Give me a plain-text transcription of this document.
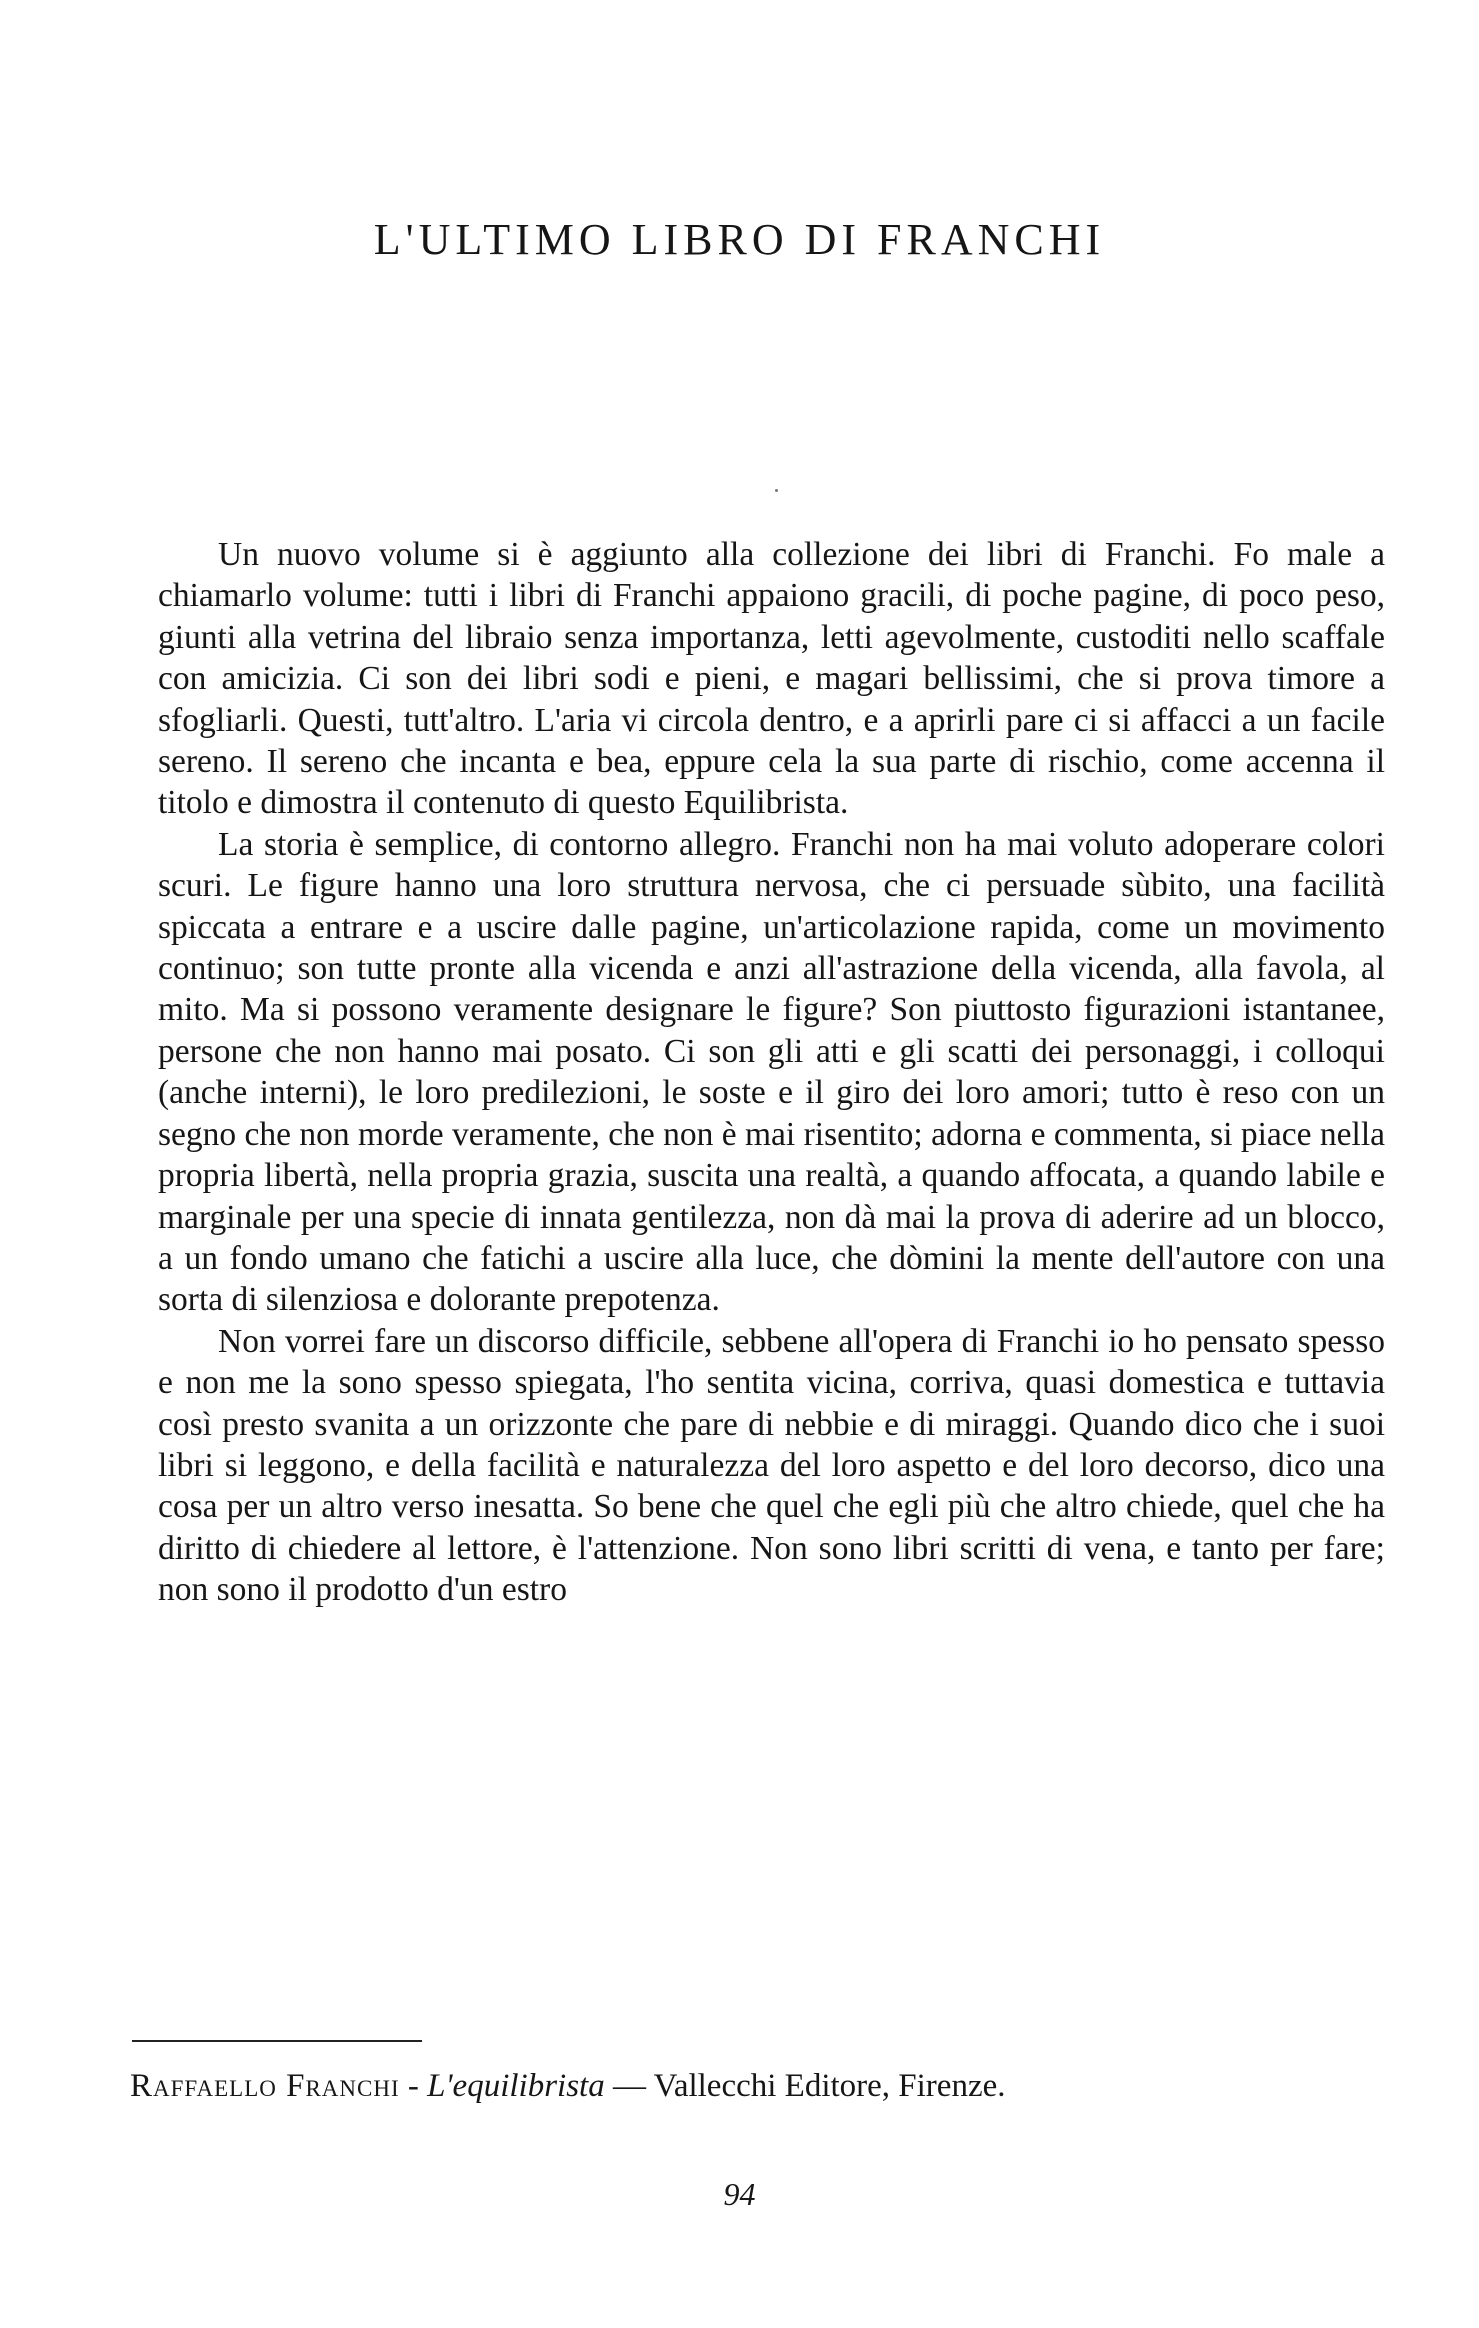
L'ULTIMO LIBRO DI FRANCHI

Un nuovo volume si è aggiunto alla collezione dei libri di Franchi. Fo male a chiamarlo volume: tutti i libri di Franchi appaiono gracili, di poche pagine, di poco peso, giunti alla vetrina del libraio senza importanza, letti agevolmente, custoditi nello scaffale con amicizia. Ci son dei libri sodi e pieni, e magari bellissimi, che si prova timore a sfogliarli. Questi, tutt'altro. L'aria vi circola dentro, e a aprirli pare ci si affacci a un facile sereno. Il sereno che incanta e bea, eppure cela la sua parte di rischio, come accenna il titolo e dimostra il contenuto di questo Equilibrista.

La storia è semplice, di contorno allegro. Franchi non ha mai voluto adoperare colori scuri. Le figure hanno una loro struttura nervosa, che ci persuade sùbito, una facilità spiccata a entrare e a uscire dalle pagine, un'articolazione rapida, come un movimento continuo; son tutte pronte alla vicenda e anzi all'astrazione della vicenda, alla favola, al mito. Ma si possono veramente designare le figure? Son piuttosto figurazioni istantanee, persone che non hanno mai posato. Ci son gli atti e gli scatti dei personaggi, i colloqui (anche interni), le loro predilezioni, le soste e il giro dei loro amori; tutto è reso con un segno che non morde veramente, che non è mai risentito; adorna e commenta, si piace nella propria libertà, nella propria grazia, suscita una realtà, a quando affocata, a quando labile e marginale per una specie di innata gentilezza, non dà mai la prova di aderire ad un blocco, a un fondo umano che fatichi a uscire alla luce, che dòmini la mente dell'autore con una sorta di silenziosa e dolorante prepotenza.

Non vorrei fare un discorso difficile, sebbene all'opera di Franchi io ho pensato spesso e non me la sono spesso spiegata, l'ho sentita vicina, corriva, quasi domestica e tuttavia così presto svanita a un orizzonte che pare di nebbie e di miraggi. Quando dico che i suoi libri si leggono, e della facilità e naturalezza del loro aspetto e del loro decorso, dico una cosa per un altro verso inesatta. So bene che quel che egli più che altro chiede, quel che ha diritto di chiedere al lettore, è l'attenzione. Non sono libri scritti di vena, e tanto per fare; non sono il prodotto d'un estro

Raffaello Franchi - L'equilibrista — Vallecchi Editore, Firenze.
94
